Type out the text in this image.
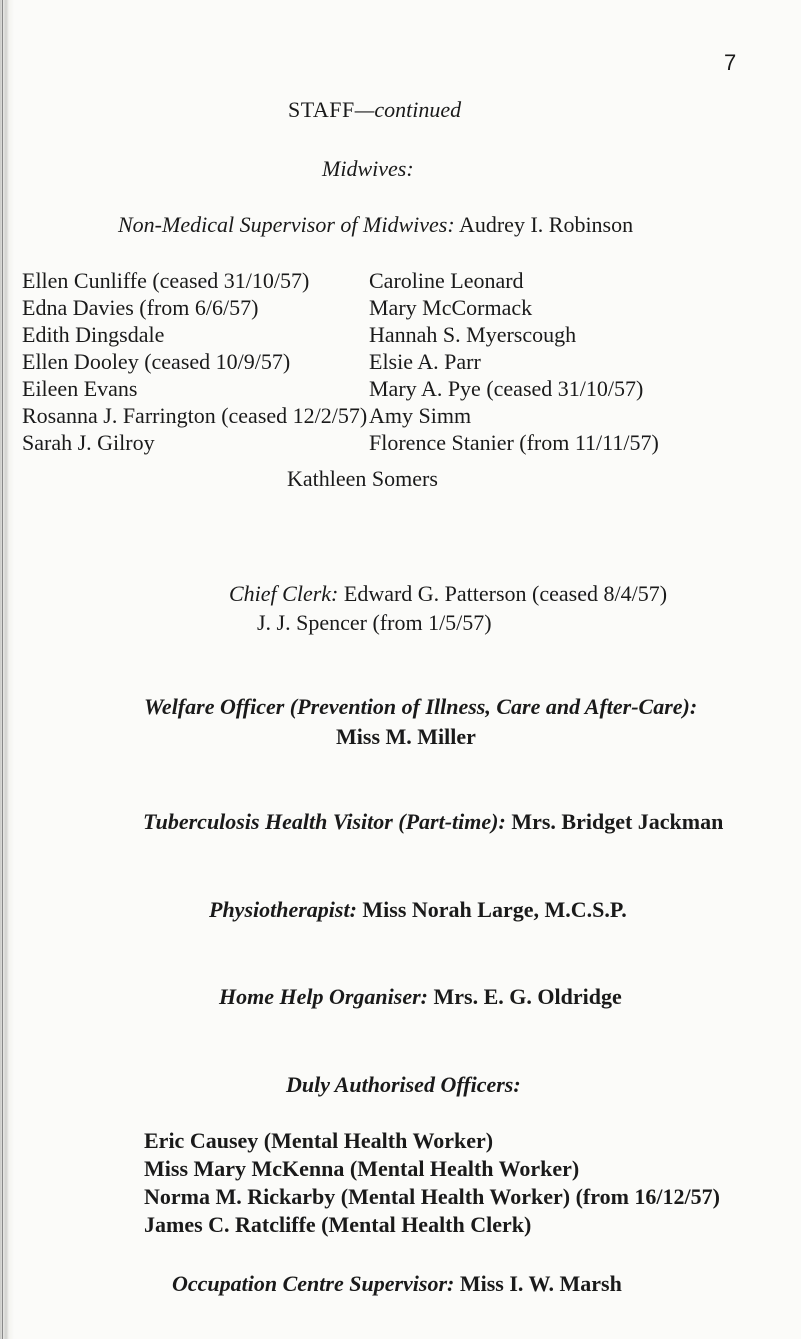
7
STAFF—continued
Midwives:
Non-Medical Supervisor of Midwives: Audrey I. Robinson
Ellen Cunliffe (ceased 31/10/57)
Edna Davies (from 6/6/57)
Edith Dingsdale
Ellen Dooley (ceased 10/9/57)
Eileen Evans
Rosanna J. Farrington (ceased 12/2/57)
Sarah J. Gilroy
Caroline Leonard
Mary McCormack
Hannah S. Myerscough
Elsie A. Parr
Mary A. Pye (ceased 31/10/57)
Amy Simm
Florence Stanier (from 11/11/57)
Kathleen Somers
Chief Clerk: Edward G. Patterson (ceased 8/4/57)
J. J. Spencer (from 1/5/57)
Welfare Officer (Prevention of Illness, Care and After-Care):
Miss M. Miller
Tuberculosis Health Visitor (Part-time): Mrs. Bridget Jackman
Physiotherapist: Miss Norah Large, M.C.S.P.
Home Help Organiser: Mrs. E. G. Oldridge
Duly Authorised Officers:
Eric Causey (Mental Health Worker)
Miss Mary McKenna (Mental Health Worker)
Norma M. Rickarby (Mental Health Worker) (from 16/12/57)
James C. Ratcliffe (Mental Health Clerk)
Occupation Centre Supervisor: Miss I. W. Marsh
